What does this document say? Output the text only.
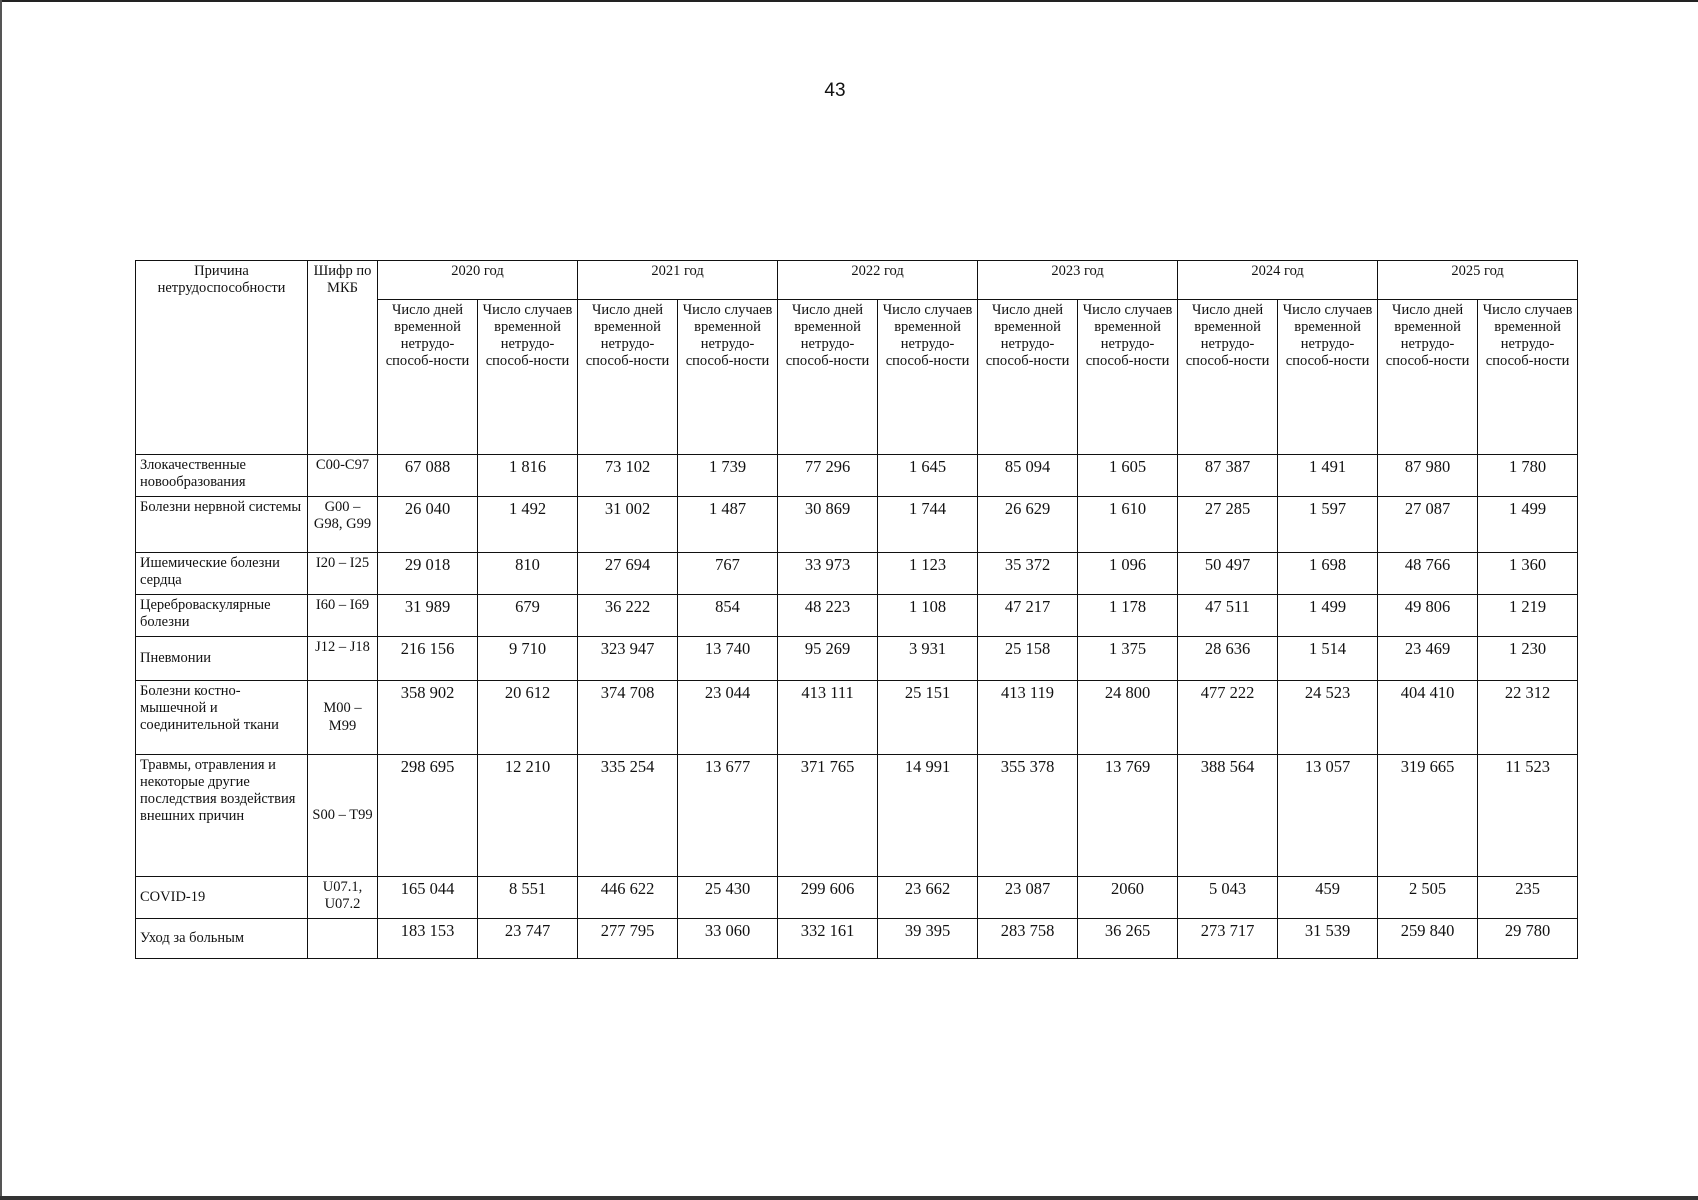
43
Причина нетрудоспособности	Шифр по МКБ	2020 год		2021 год		2022 год		2023 год		2024 год		2025 год	
		Число дней временной нетрудо-способ-ности	Число случаев временной нетрудо-способ-ности	Число дней временной нетрудо-способ-ности	Число случаев временной нетрудо-способ-ности	Число дней временной нетрудо-способ-ности	Число случаев временной нетрудо-способ-ности	Число дней временной нетрудо-способ-ности	Число случаев временной нетрудо-способ-ности	Число дней временной нетрудо-способ-ности	Число случаев временной нетрудо-способ-ности	Число дней временной нетрудо-способ-ности	Число случаев временной нетрудо-способ-ности
Злокачественные новообразования	C00-C97	67 088	1 816	73 102	1 739	77 296	1 645	85 094	1 605	87 387	1 491	87 980	1 780
Болезни нервной системы	G00 – G98, G99	26 040	1 492	31 002	1 487	30 869	1 744	26 629	1 610	27 285	1 597	27 087	1 499
Ишемические болезни сердца	I20 – I25	29 018	810	27 694	767	33 973	1 123	35 372	1 096	50 497	1 698	48 766	1 360
Цереброваскулярные болезни	I60 – I69	31 989	679	36 222	854	48 223	1 108	47 217	1 178	47 511	1 499	49 806	1 219
Пневмонии	J12 – J18	216 156	9 710	323 947	13 740	95 269	3 931	25 158	1 375	28 636	1 514	23 469	1 230
Болезни костно-мышечной и соединительной ткани	M00 – M99	358 902	20 612	374 708	23 044	413 111	25 151	413 119	24 800	477 222	24 523	404 410	22 312
Травмы, отравления и некоторые другие последствия воздействия внешних причин	S00 – T99	298 695	12 210	335 254	13 677	371 765	14 991	355 378	13 769	388 564	13 057	319 665	11 523
COVID-19	U07.1, U07.2	165 044	8 551	446 622	25 430	299 606	23 662	23 087	2060	5 043	459	2 505	235
Уход за больным		183 153	23 747	277 795	33 060	332 161	39 395	283 758	36 265	273 717	31 539	259 840	29 780
